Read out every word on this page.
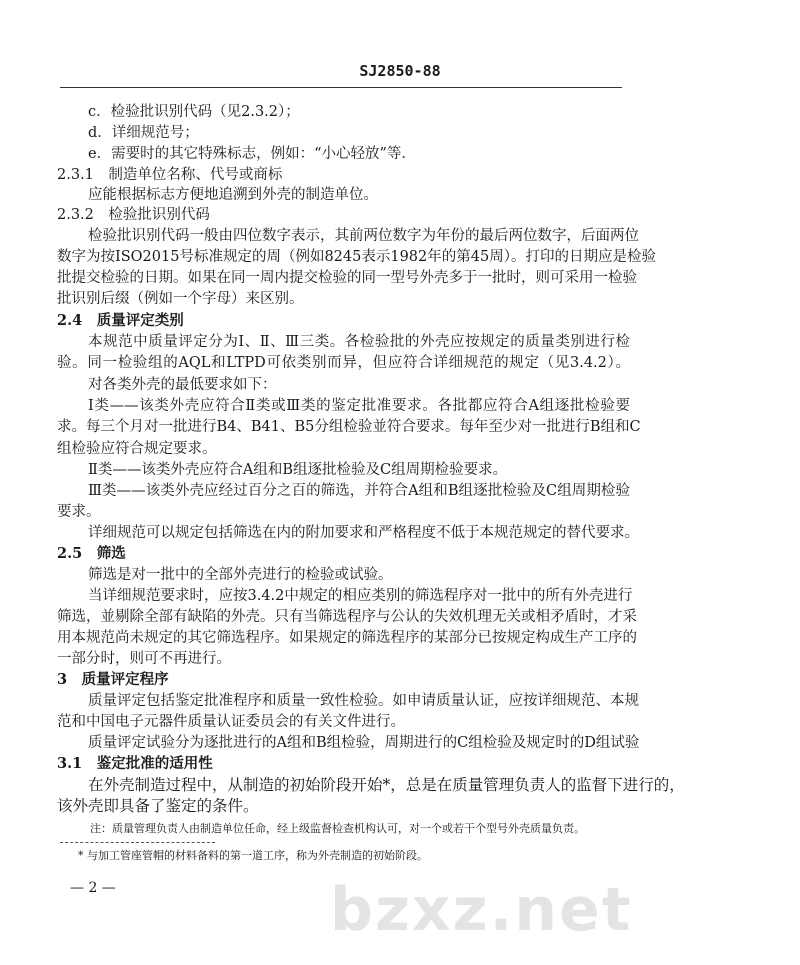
bzxz.net
SJ2850-88
c．检验批识别代码（见2.3.2）；
d．详细规范号；
e．需要时的其它特殊标志，例如：“小心轻放”等．
2.3.1　制造单位名称、代号或商标
应能根据标志方便地追溯到外壳的制造单位。
2.3.2　检验批识别代码
检验批识别代码一般由四位数字表示，其前两位数字为年份的最后两位数字，后面两位
数字为按ISO2015号标准规定的周（例如8245表示1982年的第45周）。打印的日期应是检验
批提交检验的日期。如果在同一周内提交检验的同一型号外壳多于一批时，则可采用一检验
批识别后缀（例如一个字母）来区别。
2.4　质量评定类别
本规范中质量评定分为Ⅰ、Ⅱ、Ⅲ三类。各检验批的外壳应按规定的质量类别进行检
验。同一检验组的AQL和LTPD可依类别而异，但应符合详细规范的规定（见3.4.2）。
对各类外壳的最低要求如下：
Ⅰ类——该类外壳应符合Ⅱ类或Ⅲ类的鉴定批准要求。各批都应符合A组逐批检验要
求。每三个月对一批进行B4、B41、B5分组检验並符合要求。每年至少对一批进行B组和C
组检验应符合规定要求。
Ⅱ类——该类外壳应符合A组和B组逐批检验及C组周期检验要求。
Ⅲ类——该类外壳应经过百分之百的筛选，并符合A组和B组逐批检验及C组周期检验
要求。
详细规范可以规定包括筛选在内的附加要求和严格程度不低于本规范规定的替代要求。
2.5　筛选
筛选是对一批中的全部外壳进行的检验或试验。
当详细规范要求时，应按3.4.2中规定的相应类别的筛选程序对一批中的所有外壳进行
筛选，並剔除全部有缺陷的外壳。只有当筛选程序与公认的失效机理无关或相矛盾时，才采
用本规范尚未规定的其它筛选程序。如果规定的筛选程序的某部分已按规定构成生产工序的
一部分时，则可不再进行。
3　质量评定程序
质量评定包括鉴定批准程序和质量一致性检验。如申请质量认证，应按详细规范、本规
范和中国电子元器件质量认证委员会的有关文件进行。
质量评定试验分为逐批进行的A组和B组检验，周期进行的C组检验及规定时的D组试验
3.1　鉴定批准的适用性
在外壳制造过程中，从制造的初始阶段开始*，总是在质量管理负责人的监督下进行的，
该外壳即具备了鉴定的条件。
注：质量管理负责人由制造单位任命，经上级监督检查机构认可，对一个或若干个型号外壳质量负责。
* 与加工管座管帽的材料备料的第一道工序，称为外壳制造的初始阶段。
— 2 —
